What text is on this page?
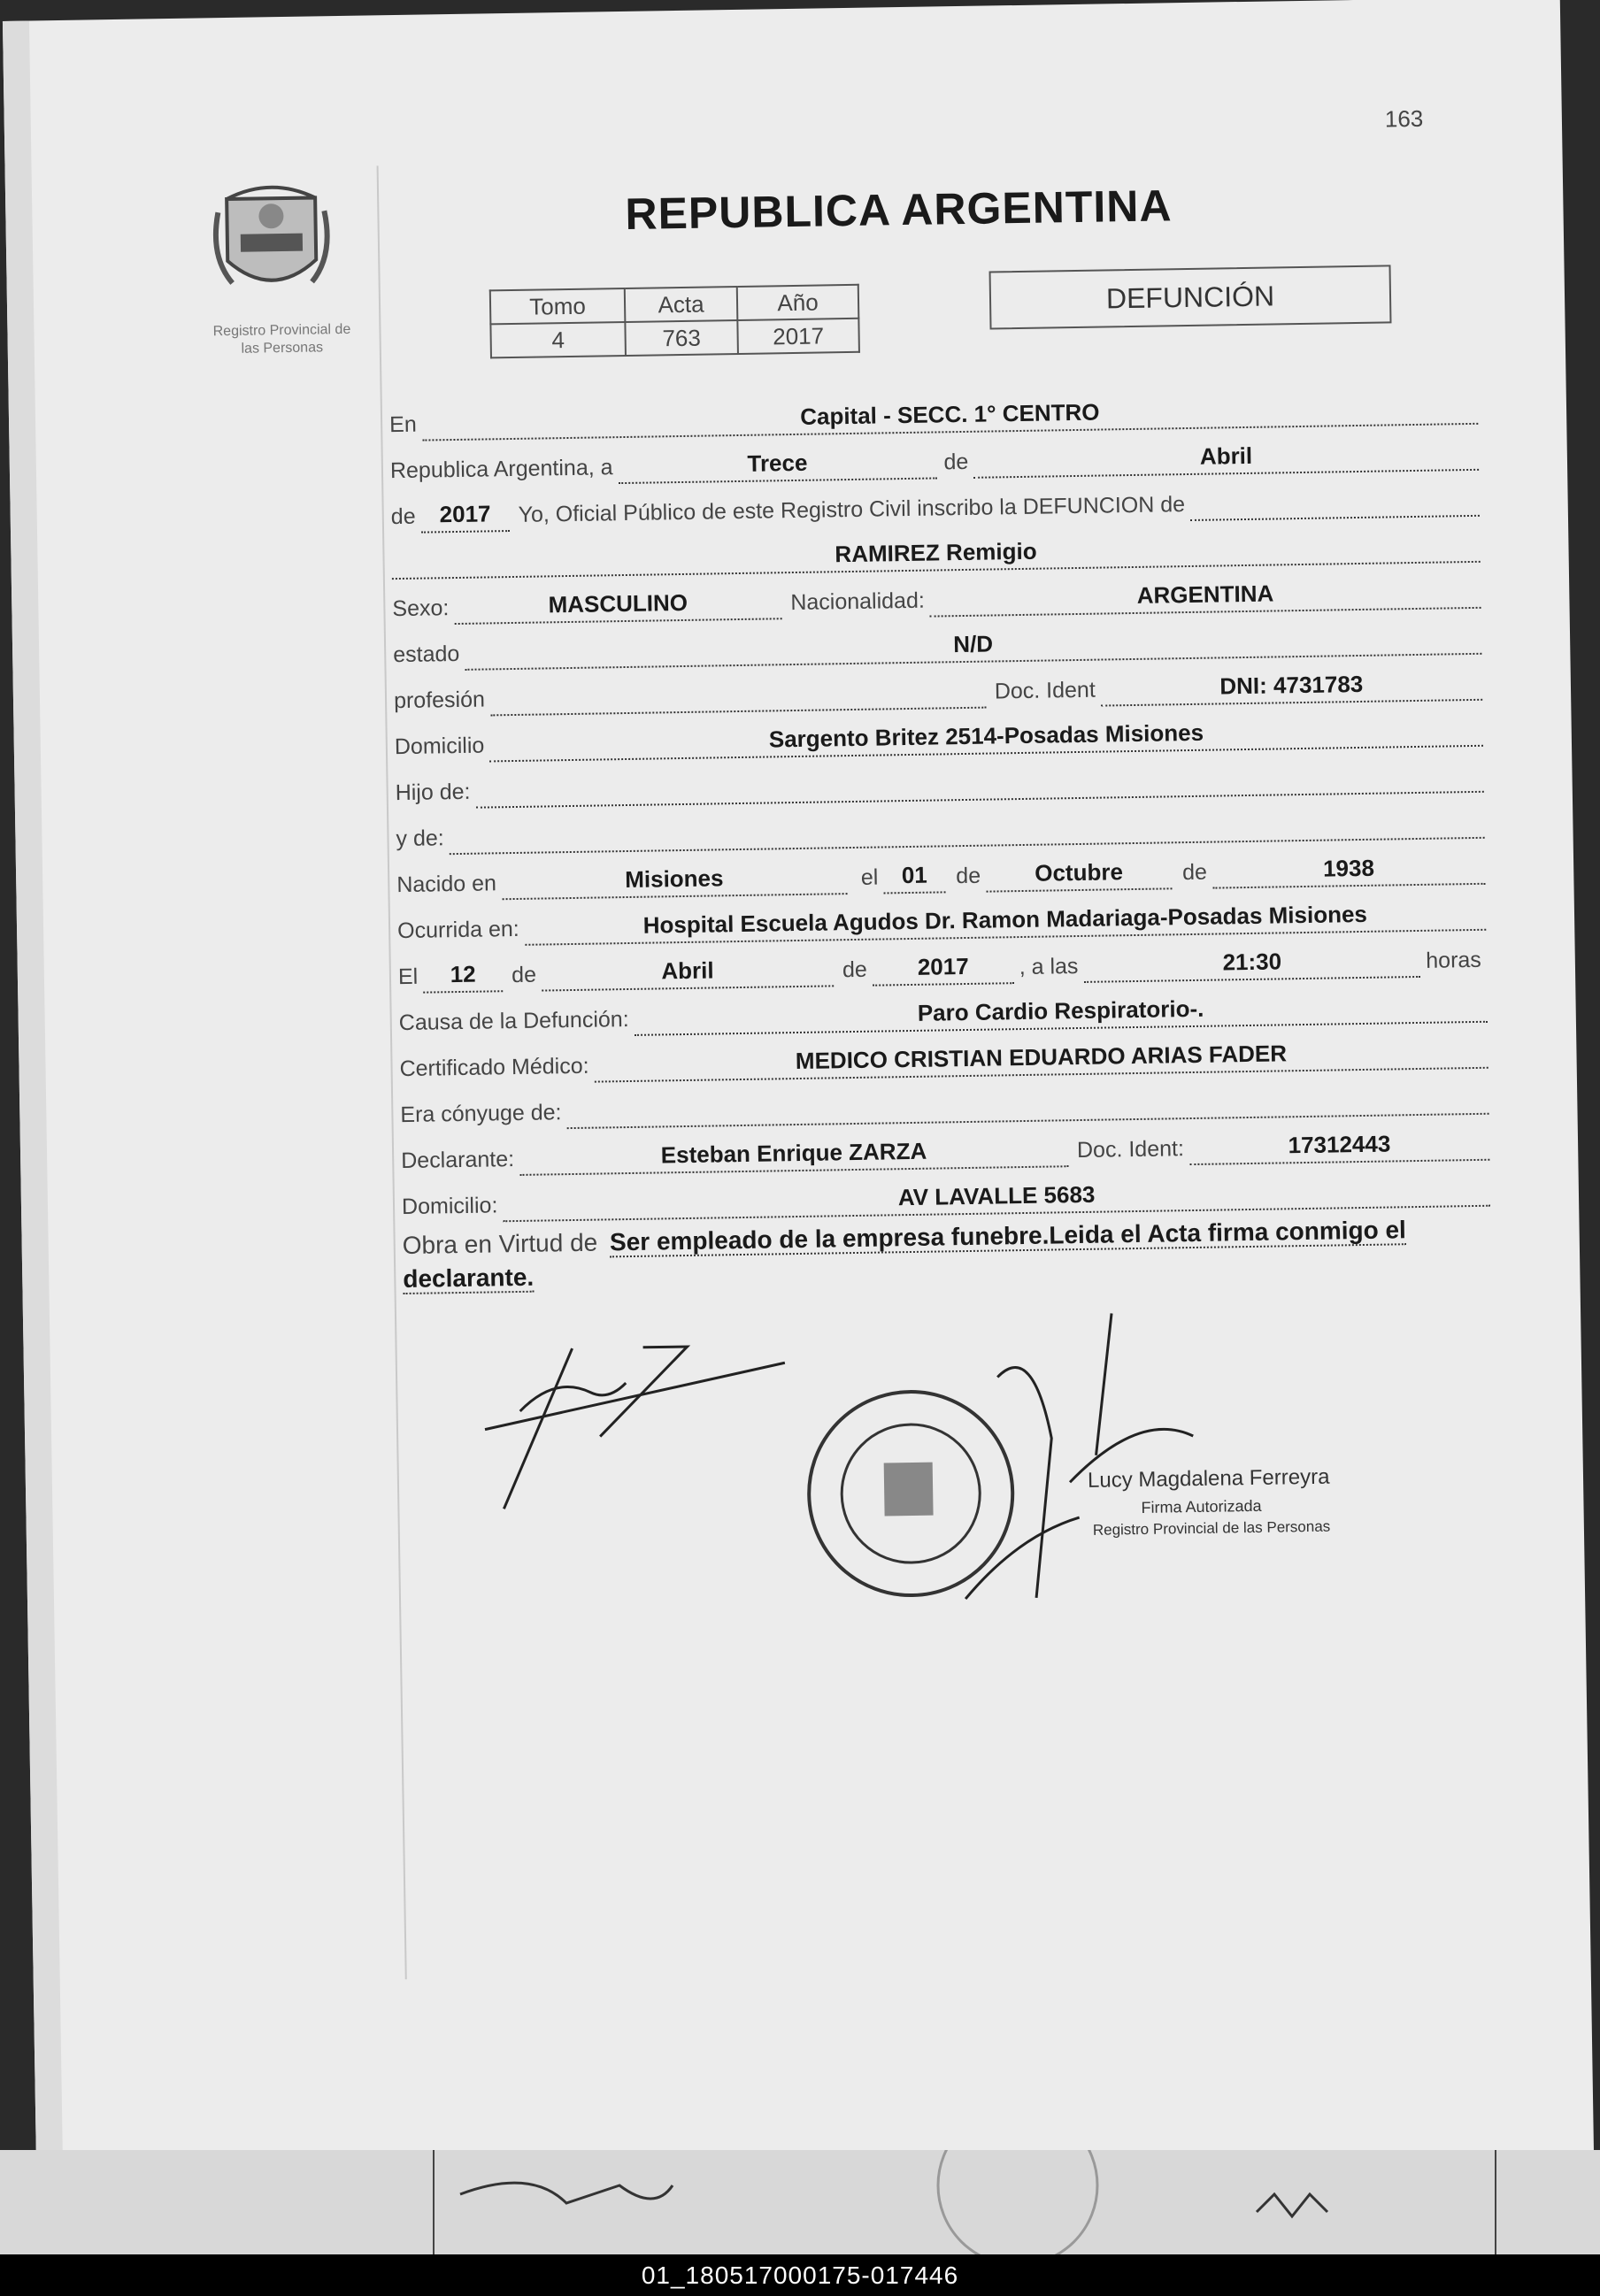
163
Registro Provincial de
las Personas
REPUBLICA ARGENTINA
Tomo	Acta	Año
4	763	2017
DEFUNCIÓN
En	Capital - SECC. 1° CENTRO
Republica Argentina, a	Trece	de	Abril
de	2017	Yo, Oficial Público de este Registro Civil inscribo la DEFUNCION de
RAMIREZ Remigio
Sexo:	MASCULINO	Nacionalidad:	ARGENTINA
estado	N/D
profesión	Doc. Ident	DNI: 4731783
Domicilio	Sargento Britez 2514-Posadas Misiones
Hijo de:
y de:
Nacido en	Misiones	el	01	de	Octubre	de	1938
Ocurrida en:	Hospital Escuela Agudos Dr. Ramon Madariaga-Posadas Misiones
El	12	de	Abril	de	2017	, a las	21:30	horas
Causa de la Defunción:	Paro Cardio Respiratorio-.
Certificado Médico:	MEDICO CRISTIAN EDUARDO ARIAS FADER
Era cónyuge de:
Declarante:	Esteban Enrique ZARZA	Doc. Ident:	17312443
Domicilio:	AV LAVALLE 5683
Obra en Virtud de Ser empleado de la empresa funebre.Leida el Acta firma conmigo el declarante.
Lucy Magdalena Ferreyra
Firma Autorizada
Registro Provincial de las Personas
01_180517000175-017446
